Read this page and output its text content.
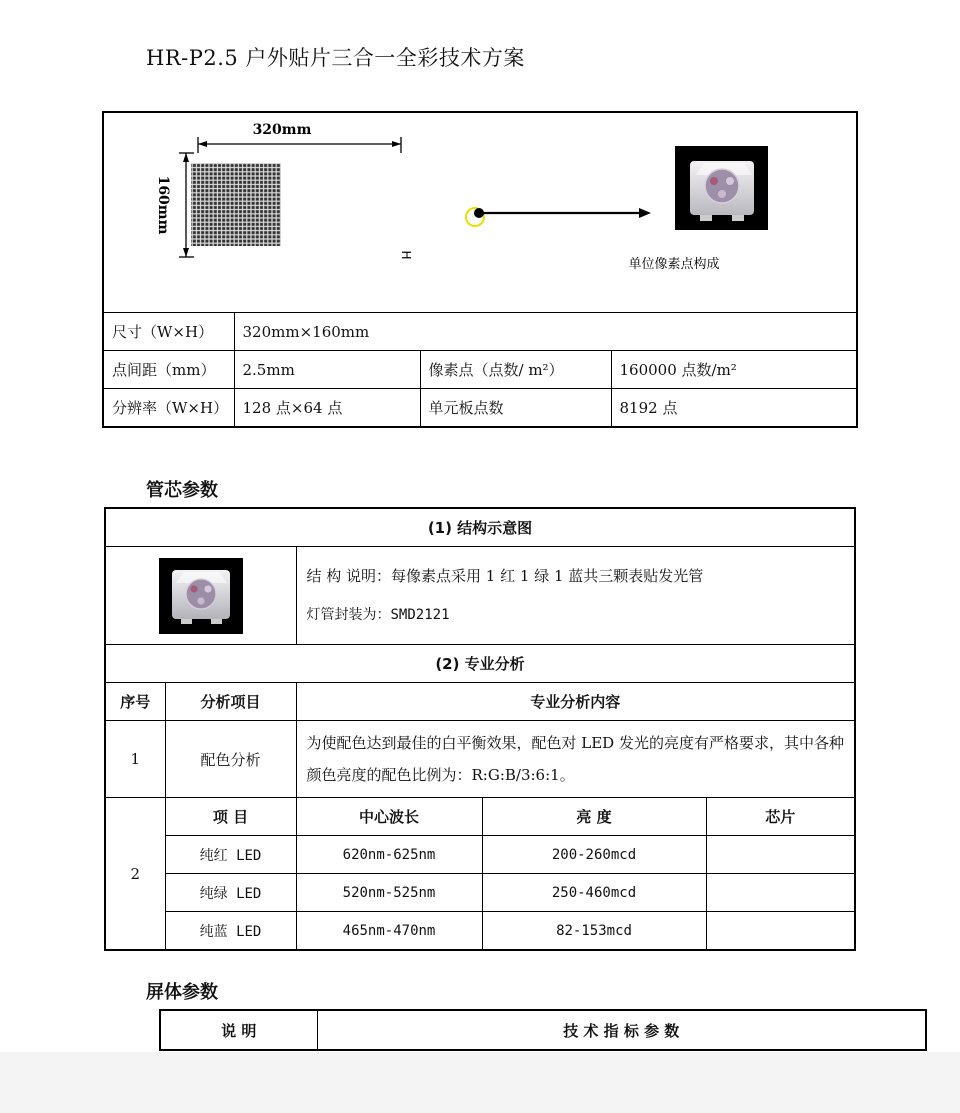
HR-P2.5 户外贴片三合一全彩技术方案
320mm
160mm
H
单位像素点构成			

尺寸（W×H）	320mm×160mm		
点间距（mm）	2.5mm	像素点（点数/ m²）	160000 点数/m²
分辨率（W×H）	128 点×64 点	单元板点数	8192 点
管芯参数
(1) 结构示意图				

结 构 说明：每像素点采用 1 红 1 绿 1 蓝共三颗表贴发光管
灯管封装为：SMD2121		

(2) 专业分析				
序号	分析项目	专业分析内容		
1	配色分析	为使配色达到最佳的白平衡效果，配色对 LED 发光的亮度有严格要求，其中各种颜色亮度的配色比例为：R:G:B/3:6:1。		
2	项 目	中心波长	亮 度	芯片
	纯红 LED	620nm-625nm	200-260mcd	
	纯绿 LED	520nm-525nm	250-460mcd	
	纯蓝 LED	465nm-470nm	82-153mcd	
屏体参数
说 明	技 术 指 标 参 数
